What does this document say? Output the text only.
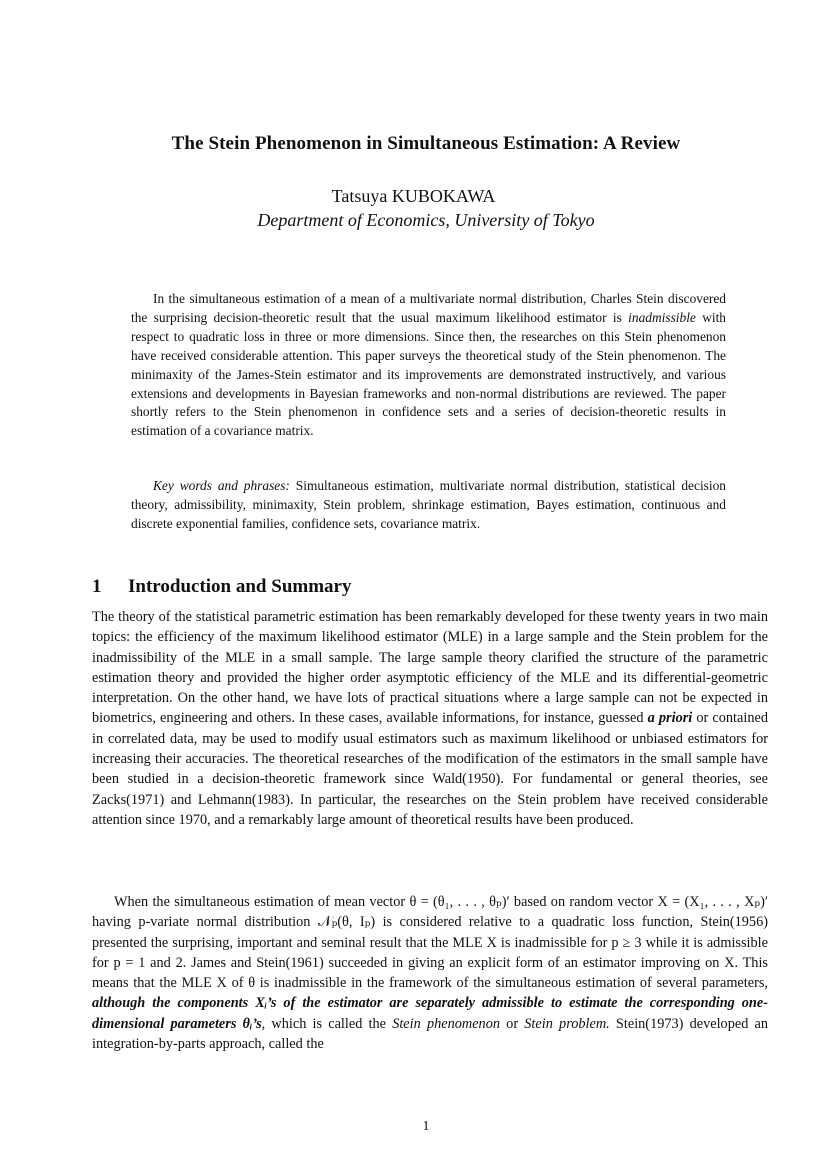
The Stein Phenomenon in Simultaneous Estimation: A Review
Tatsuya KUBOKAWA
Department of Economics, University of Tokyo

In the simultaneous estimation of a mean of a multivariate normal distribution, Charles Stein discovered the surprising decision-theoretic result that the usual maximum likelihood estimator is inadmissible with respect to quadratic loss in three or more dimensions. Since then, the researches on this Stein phenomenon have received considerable attention. This paper surveys the theoretical study of the Stein phenomenon. The minimaxity of the James-Stein estimator and its improvements are demonstrated instructively, and various extensions and developments in Bayesian frameworks and non-normal distributions are reviewed. The paper shortly refers to the Stein phenomenon in confidence sets and a series of decision-theoretic results in estimation of a covariance matrix.

Key words and phrases: Simultaneous estimation, multivariate normal distribution, statistical decision theory, admissibility, minimaxity, Stein problem, shrinkage estimation, Bayes estimation, continuous and discrete exponential families, confidence sets, covariance matrix.

1 Introduction and Summary

The theory of the statistical parametric estimation has been remarkably developed for these twenty years in two main topics: the efficiency of the maximum likelihood estimator (MLE) in a large sample and the Stein problem for the inadmissibility of the MLE in a small sample. The large sample theory clarified the structure of the parametric estimation theory and provided the higher order asymptotic efficiency of the MLE and its differential-geometric interpretation. On the other hand, we have lots of practical situations where a large sample can not be expected in biometrics, engineering and others. In these cases, available informations, for instance, guessed a priori or contained in correlated data, may be used to modify usual estimators such as maximum likelihood or unbiased estimators for increasing their accuracies. The theoretical researches of the modification of the estimators in the small sample have been studied in a decision-theoretic framework since Wald(1950). For fundamental or general theories, see Zacks(1971) and Lehmann(1983). In particular, the researches on the Stein problem have received considerable attention since 1970, and a remarkably large amount of theoretical results have been produced.

When the simultaneous estimation of mean vector θ = (θ₁, . . . , θₚ)′ based on random vector X = (X₁, . . . , Xₚ)′ having p-variate normal distribution 𝒩ₚ(θ, Iₚ) is considered relative to a quadratic loss function, Stein(1956) presented the surprising, important and seminal result that the MLE X is inadmissible for p ≥ 3 while it is admissible for p = 1 and 2. James and Stein(1961) succeeded in giving an explicit form of an estimator improving on X. This means that the MLE X of θ is inadmissible in the framework of the simultaneous estimation of several parameters, although the components Xᵢ’s of the estimator are separately admissible to estimate the corresponding one-dimensional parameters θᵢ’s, which is called the Stein phenomenon or Stein problem. Stein(1973) developed an integration-by-parts approach, called the

1
